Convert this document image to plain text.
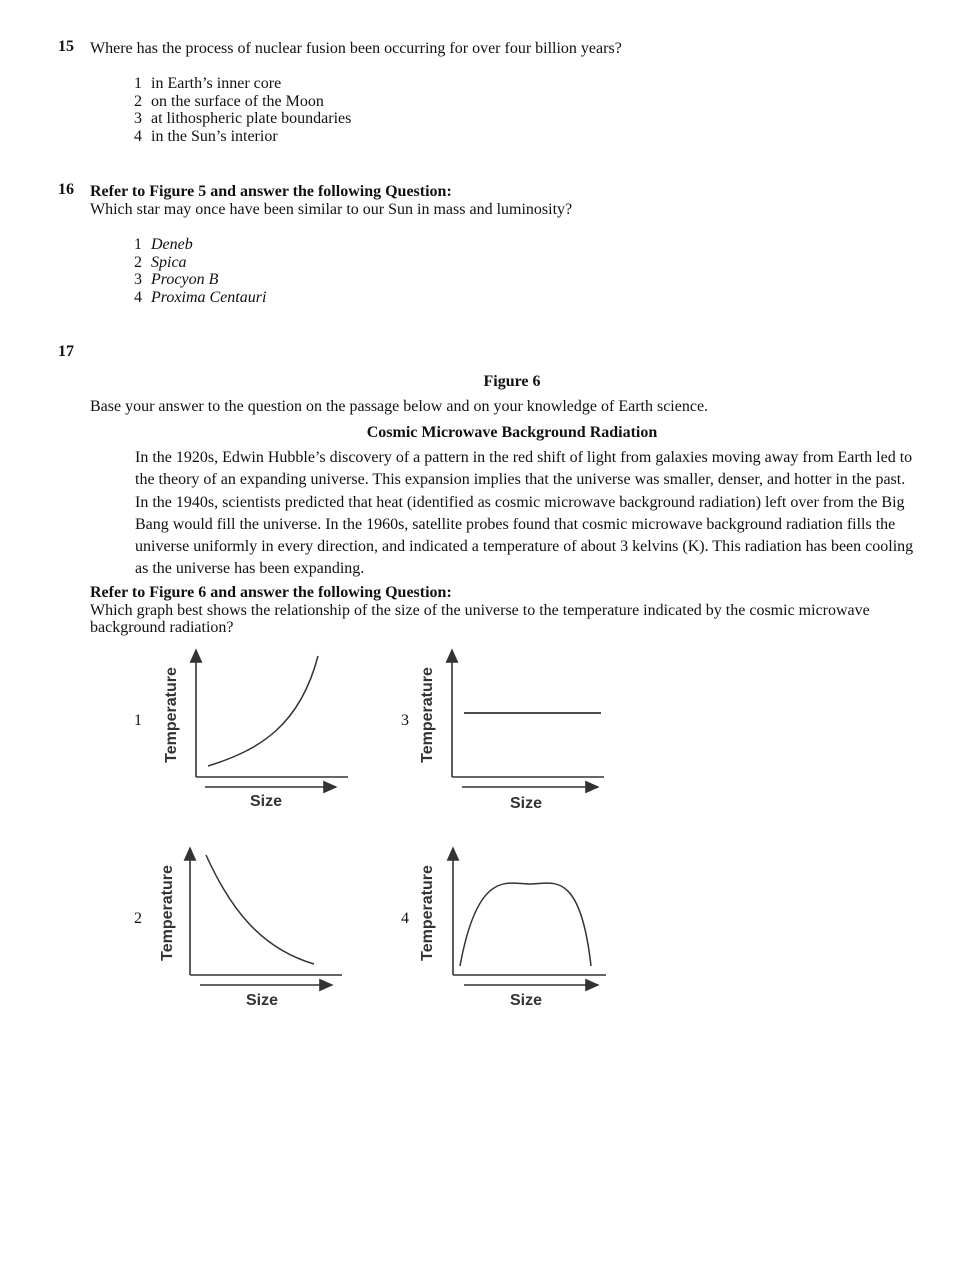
15 Where has the process of nuclear fusion been occurring for over four billion years?
1 in Earth’s inner core
2 on the surface of the Moon
3 at lithospheric plate boundaries
4 in the Sun’s interior
16 Refer to Figure 5 and answer the following Question:
Which star may once have been similar to our Sun in mass and luminosity?
1 Deneb
2 Spica
3 Procyon B
4 Proxima Centauri
17
Figure 6
Base your answer to the question on the passage below and on your knowledge of Earth science.
Cosmic Microwave Background Radiation
In the 1920s, Edwin Hubble’s discovery of a pattern in the red shift of light from galaxies moving away from Earth led to
the theory of an expanding universe. This expansion implies that the universe was smaller, denser, and hotter in the past.
In the 1940s, scientists predicted that heat (identified as cosmic microwave background radiation) left over from the Big
Bang would fill the universe. In the 1960s, satellite probes found that cosmic microwave background radiation fills the
universe uniformly in every direction, and indicated a temperature of about 3 kelvins (K). This radiation has been cooling
as the universe has been expanding.
Refer to Figure 6 and answer the following Question:
Which graph best shows the relationship of the size of the universe to the temperature indicated by the cosmic microwave
background radiation?
1	3
2	4
Temperature
Size
Temperature
Size
Temperature
Size
Temperature
Size
